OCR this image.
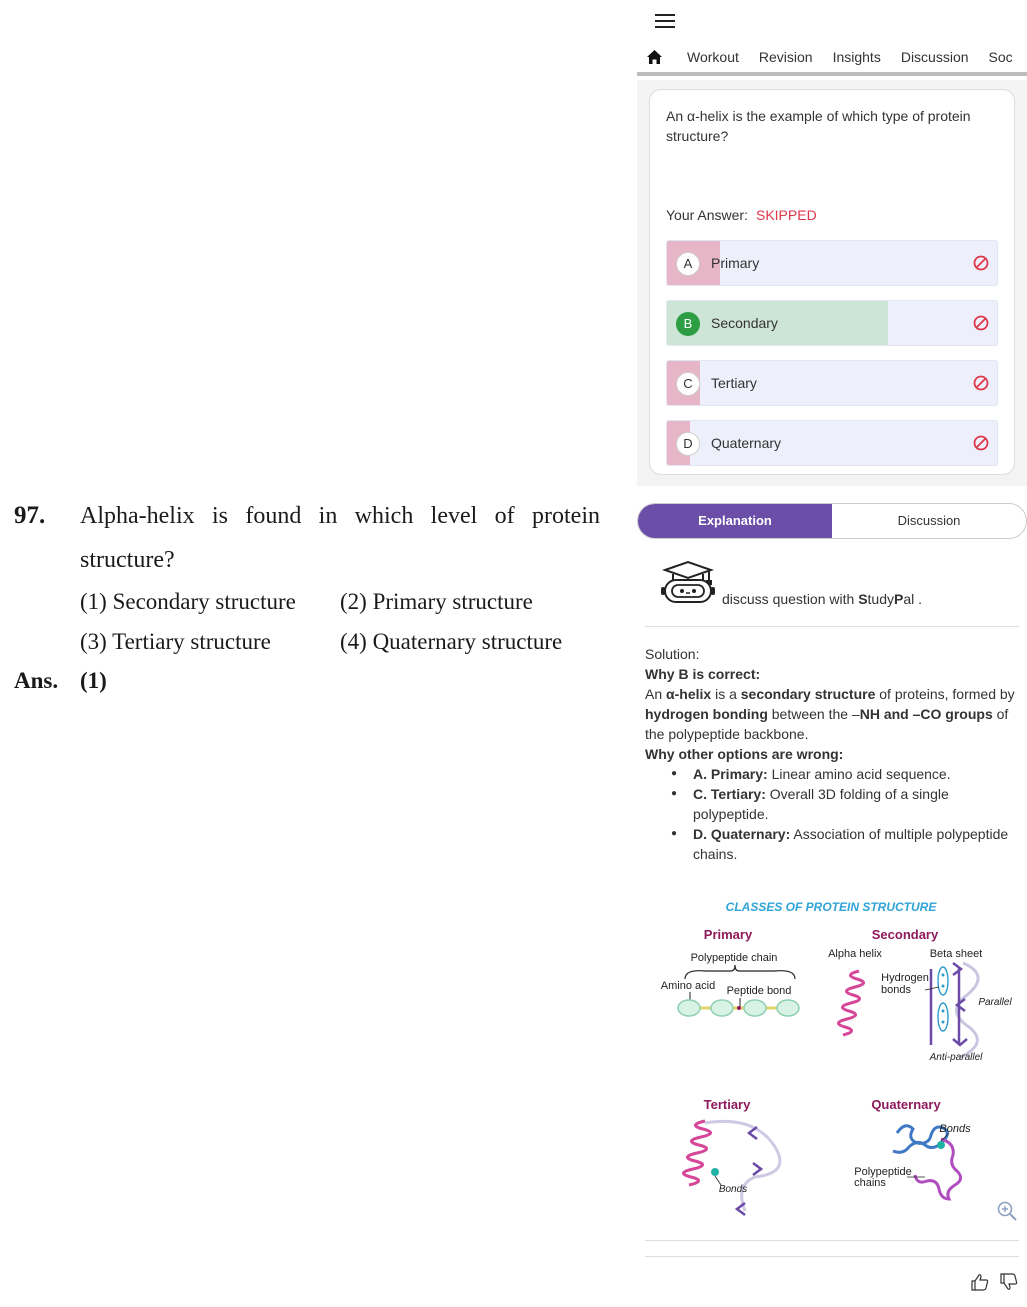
97.	Alpha-helix is found in which level of protein structure?
(1) Secondary structure	(2) Primary structure
(3) Tertiary structure	(4) Quaternary structure
Ans. (1)
Workout Revision Insights Discussion Soc
An α-helix is the example of which type of protein structure?
Your Answer: SKIPPED
A	Primary
B	Secondary
C	Tertiary
D	Quaternary
Explanation	Discussion
discuss question with StudyPal .
Solution:
Why B is correct:
An α-helix is a secondary structure of proteins, formed by hydrogen bonding between the –NH and –CO groups of the polypeptide backbone.
Why other options are wrong:
● A. Primary: Linear amino acid sequence.
● C. Tertiary: Overall 3D folding of a single polypeptide.
● D. Quaternary: Association of multiple polypeptide chains.
CLASSES OF PROTEIN STRUCTURE
Primary
Polypeptide chain
Amino acid Peptide bond
Secondary
Alpha helix	Beta sheet
Hydrogen
bonds
Parallel
Anti-parallel
Tertiary
Bonds
Quaternary
Bonds
Polypeptide
chains
